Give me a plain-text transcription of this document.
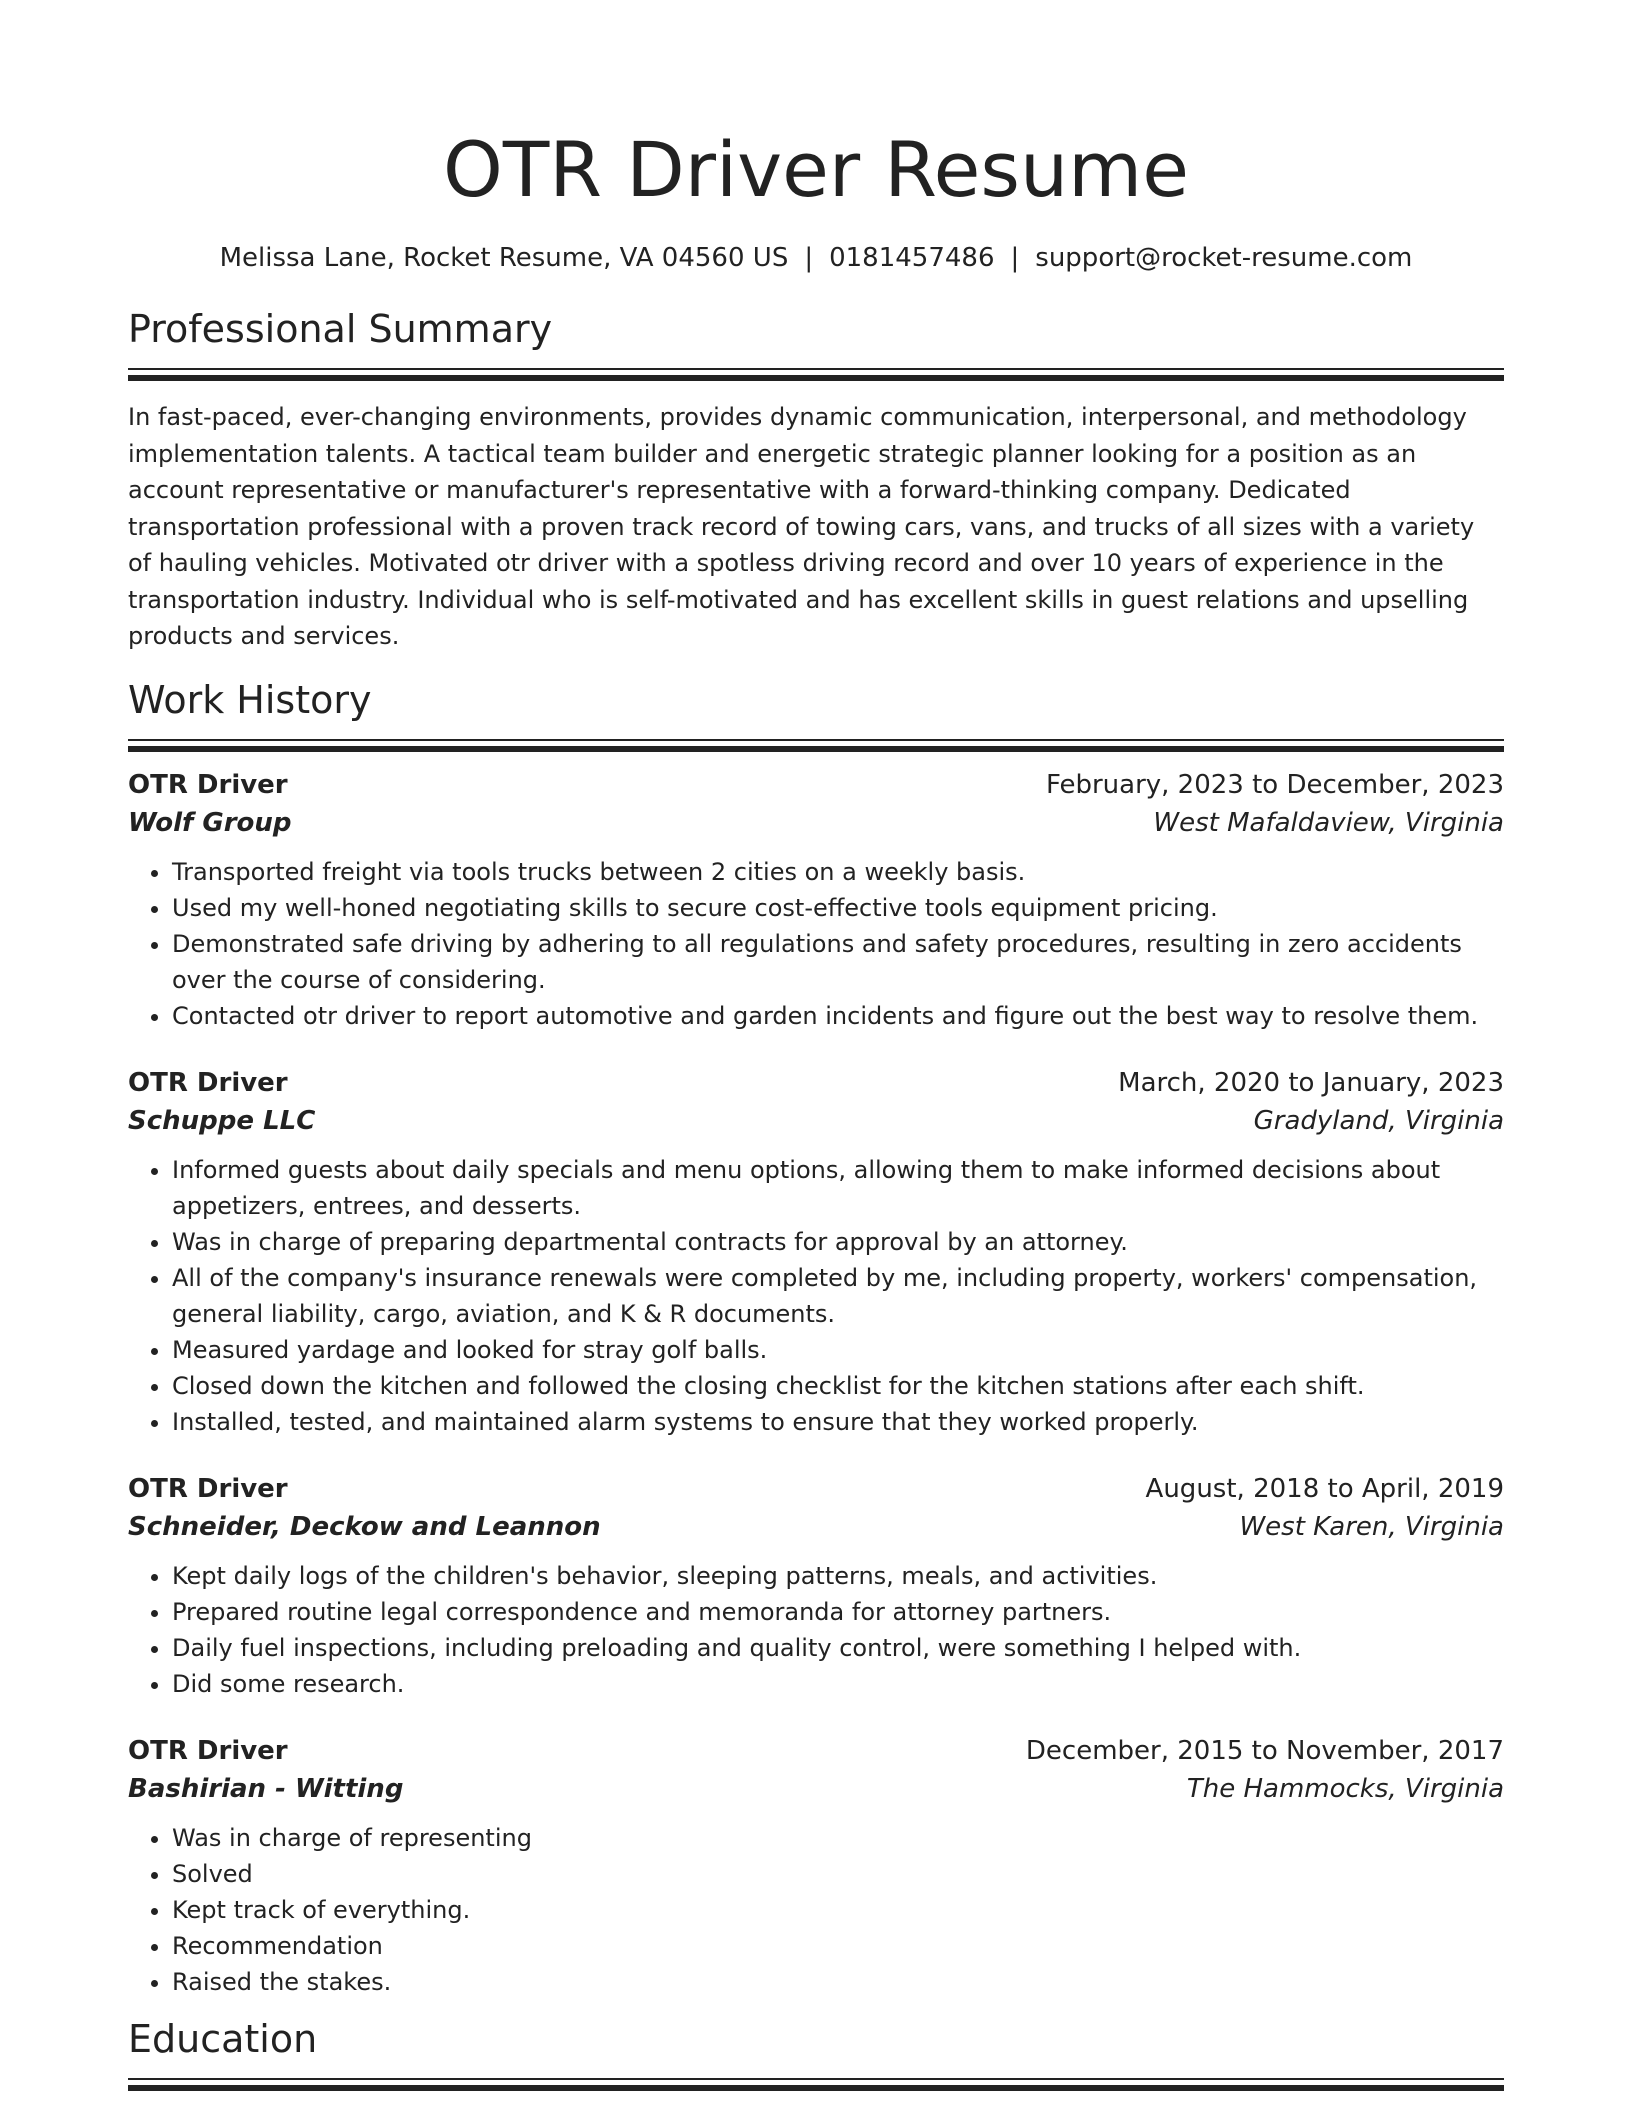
OTR Driver Resume
Melissa Lane, Rocket Resume, VA 04560 US | 0181457486 | support@rocket-resume.com
Professional Summary
In fast-paced, ever-changing environments, provides dynamic communication, interpersonal, and methodology implementation talents. A tactical team builder and energetic strategic planner looking for a position as an account representative or manufacturer's representative with a forward-thinking company. Dedicated transportation professional with a proven track record of towing cars, vans, and trucks of all sizes with a variety of hauling vehicles. Motivated otr driver with a spotless driving record and over 10 years of experience in the transportation industry. Individual who is self-motivated and has excellent skills in guest relations and upselling products and services.
Work History
OTR Driver	February, 2023 to December, 2023
Wolf Group	West Mafaldaview, Virginia
• Transported freight via tools trucks between 2 cities on a weekly basis.
• Used my well-honed negotiating skills to secure cost-effective tools equipment pricing.
• Demonstrated safe driving by adhering to all regulations and safety procedures, resulting in zero accidents over the course of considering.
• Contacted otr driver to report automotive and garden incidents and figure out the best way to resolve them.
OTR Driver	March, 2020 to January, 2023
Schuppe LLC	Gradyland, Virginia
• Informed guests about daily specials and menu options, allowing them to make informed decisions about appetizers, entrees, and desserts.
• Was in charge of preparing departmental contracts for approval by an attorney.
• All of the company's insurance renewals were completed by me, including property, workers' compensation, general liability, cargo, aviation, and K & R documents.
• Measured yardage and looked for stray golf balls.
• Closed down the kitchen and followed the closing checklist for the kitchen stations after each shift.
• Installed, tested, and maintained alarm systems to ensure that they worked properly.
OTR Driver	August, 2018 to April, 2019
Schneider, Deckow and Leannon	West Karen, Virginia
• Kept daily logs of the children's behavior, sleeping patterns, meals, and activities.
• Prepared routine legal correspondence and memoranda for attorney partners.
• Daily fuel inspections, including preloading and quality control, were something I helped with.
• Did some research.
OTR Driver	December, 2015 to November, 2017
Bashirian - Witting	The Hammocks, Virginia
• Was in charge of representing
• Solved
• Kept track of everything.
• Recommendation
• Raised the stakes.
Education
